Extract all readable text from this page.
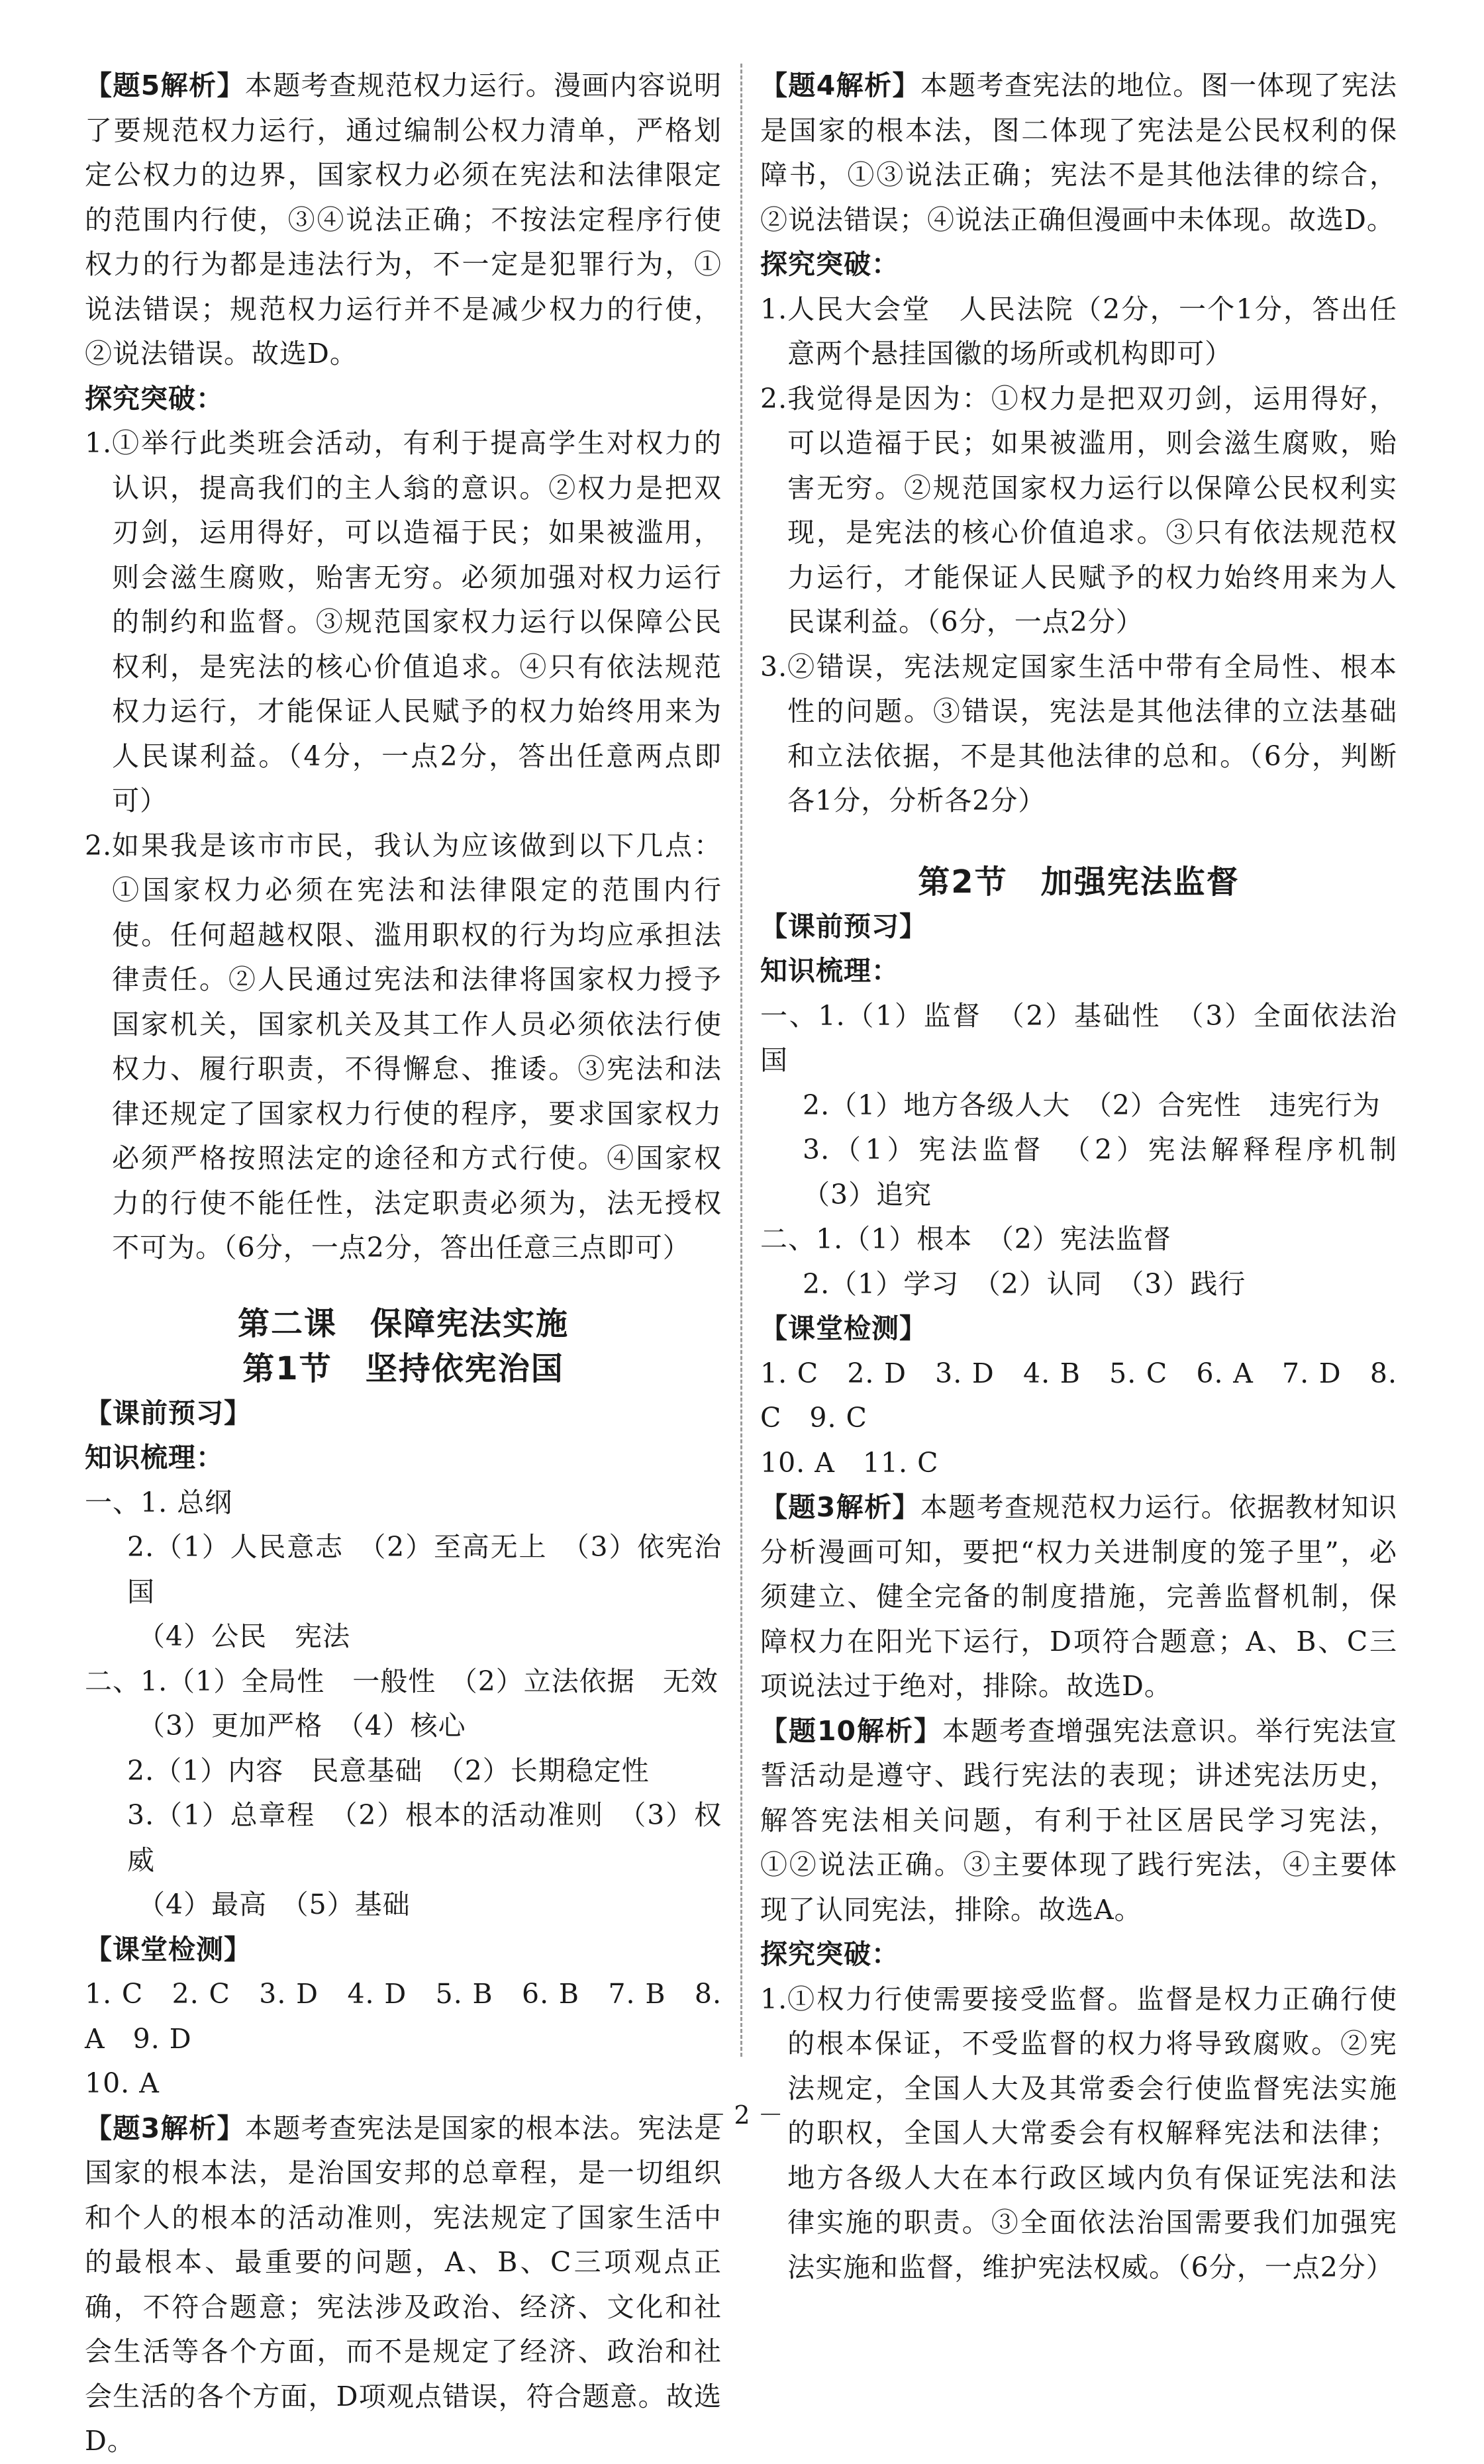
【题5解析】本题考查规范权力运行。漫画内容说明了要规范权力运行，通过编制公权力清单，严格划定公权力的边界，国家权力必须在宪法和法律限定的范围内行使，③④说法正确；不按法定程序行使权力的行为都是违法行为，不一定是犯罪行为，①说法错误；规范权力运行并不是减少权力的行使，②说法错误。故选D。

探究突破：

1. ①举行此类班会活动，有利于提高学生对权力的认识，提高我们的主人翁的意识。②权力是把双刃剑，运用得好，可以造福于民；如果被滥用，则会滋生腐败，贻害无穷。必须加强对权力运行的制约和监督。③规范国家权力运行以保障公民权利，是宪法的核心价值追求。④只有依法规范权力运行，才能保证人民赋予的权力始终用来为人民谋利益。（4分，一点2分，答出任意两点即可）
2. 如果我是该市市民，我认为应该做到以下几点：①国家权力必须在宪法和法律限定的范围内行使。任何超越权限、滥用职权的行为均应承担法律责任。②人民通过宪法和法律将国家权力授予国家机关，国家机关及其工作人员必须依法行使权力、履行职责，不得懈怠、推诿。③宪法和法律还规定了国家权力行使的程序，要求国家权力必须严格按照法定的途径和方式行使。④国家权力的行使不能任性，法定职责必须为，法无授权不可为。（6分，一点2分，答出任意三点即可）

第二课　保障宪法实施

第1节　坚持依宪治国

【课前预习】

知识梳理：

一、1. 总纲

2.（1）人民意志　（2）至高无上　（3）依宪治国

（4）公民　宪法

二、1.（1）全局性　一般性　（2）立法依据　无效

（3）更加严格　（4）核心

2.（1）内容　民意基础　（2）长期稳定性

3.（1）总章程　（2）根本的活动准则　（3）权威

（4）最高　（5）基础

【课堂检测】

1. C　2. C　3. D　4. D　5. B　6. B　7. B　8. A　9. D

10. A

【题3解析】本题考查宪法是国家的根本法。宪法是国家的根本法，是治国安邦的总章程，是一切组织和个人的根本的活动准则，宪法规定了国家生活中的最根本、最重要的问题，A、B、C三项观点正确，不符合题意；宪法涉及政治、经济、文化和社会生活等各个方面，而不是规定了经济、政治和社会生活的各个方面，D项观点错误，符合题意。故选D。

【题4解析】本题考查宪法的地位。图一体现了宪法是国家的根本法，图二体现了宪法是公民权利的保障书，①③说法正确；宪法不是其他法律的综合，②说法错误；④说法正确但漫画中未体现。故选D。

探究突破：

1. 人民大会堂　人民法院（2分，一个1分，答出任意两个悬挂国徽的场所或机构即可）
2. 我觉得是因为：①权力是把双刃剑，运用得好，可以造福于民；如果被滥用，则会滋生腐败，贻害无穷。②规范国家权力运行以保障公民权利实现，是宪法的核心价值追求。③只有依法规范权力运行，才能保证人民赋予的权力始终用来为人民谋利益。（6分，一点2分）
3. ②错误，宪法规定国家生活中带有全局性、根本性的问题。③错误，宪法是其他法律的立法基础和立法依据，不是其他法律的总和。（6分，判断各1分，分析各2分）

第2节　加强宪法监督

【课前预习】

知识梳理：

一、1.（1）监督　（2）基础性　（3）全面依法治国

2.（1）地方各级人大　（2）合宪性　违宪行为

3.（1）宪法监督　（2）宪法解释程序机制　（3）追究

二、1.（1）根本　（2）宪法监督

2.（1）学习　（2）认同　（3）践行

【课堂检测】

1. C　2. D　3. D　4. B　5. C　6. A　7. D　8. C　9. C

10. A　11. C

【题3解析】本题考查规范权力运行。依据教材知识分析漫画可知，要把“权力关进制度的笼子里”，必须建立、健全完备的制度措施，完善监督机制，保障权力在阳光下运行，D项符合题意；A、B、C三项说法过于绝对，排除。故选D。

【题10解析】本题考查增强宪法意识。举行宪法宣誓活动是遵守、践行宪法的表现；讲述宪法历史，解答宪法相关问题，有利于社区居民学习宪法，①②说法正确。③主要体现了践行宪法，④主要体现了认同宪法，排除。故选A。

探究突破：

1. ①权力行使需要接受监督。监督是权力正确行使的根本保证，不受监督的权力将导致腐败。②宪法规定，全国人大及其常委会行使监督宪法实施的职权，全国人大常委会有权解释宪法和法律；地方各级人大在本行政区域内负有保证宪法和法律实施的职责。③全面依法治国需要我们加强宪法实施和监督，维护宪法权威。（6分，一点2分）
－ 2 －
